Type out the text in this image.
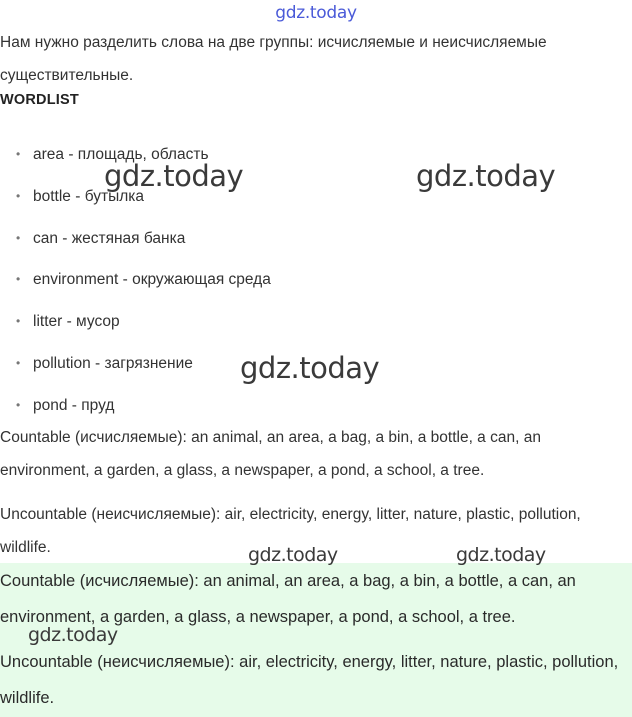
gdz.today

Нам нужно разделить слова на две группы: исчисляемые и неисчисляемые существительные.

WORDLIST
• area - площадь, область
• bottle - бутылка
• can - жестяная банка
• environment - окружающая среда
• litter - мусор
• pollution - загрязнение
• pond - пруд

Countable (исчисляемые): an animal, an area, a bag, a bin, a bottle, a can, an environment, a garden, a glass, a newspaper, a pond, a school, a tree.

Uncountable (неисчисляемые): air, electricity, energy, litter, nature, plastic, pollution, wildlife.

Countable (исчисляемые): an animal, an area, a bag, a bin, a bottle, a can, an environment, a garden, a glass, a newspaper, a pond, a school, a tree.

Uncountable (неисчисляемые): air, electricity, energy, litter, nature, plastic, pollution, wildlife.

gdz.today	gdz.today
gdz.today
gdz.today	gdz.today
gdz.today
